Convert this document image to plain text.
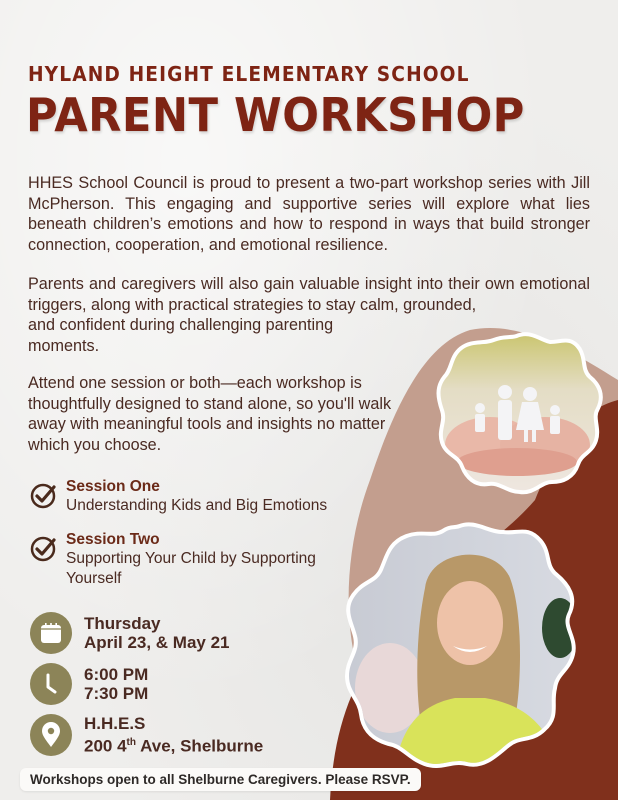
HYLAND HEIGHT ELEMENTARY SCHOOL
PARENT WORKSHOP
HHES School Council is proud to present a two-part workshop series with Jill McPherson. This engaging and supportive series will explore what lies beneath children’s emotions and how to respond in ways that build stronger connection, cooperation, and emotional resilience.
Parents and caregivers will also gain valuable insight into their own emotional triggers, along with practical strategies to stay calm, grounded,
and confident during challenging parenting
moments.
Attend one session or both—each workshop is thoughtfully designed to stand alone, so you'll walk away with meaningful tools and insights no matter which you choose.
Session One
Understanding Kids and Big Emotions
Session Two
Supporting Your Child by Supporting Yourself
Thursday
April 23, & May 21
6:00 PM
7:30 PM
H.H.E.S
200 4th Ave, Shelburne
Workshops open to all Shelburne Caregivers. Please RSVP.
